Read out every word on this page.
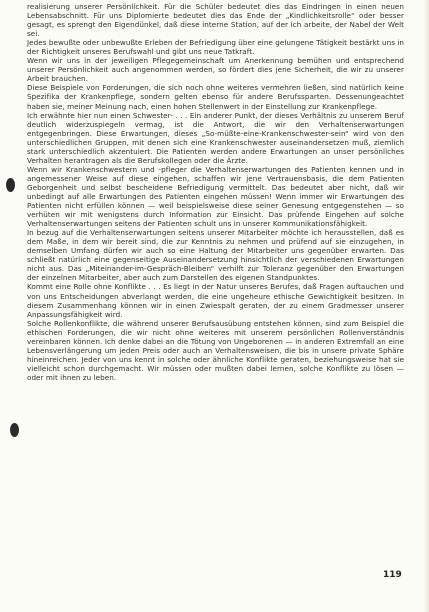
realisierung unserer Persönlichkeit. Für die Schüler bedeutet dies das Eindringen in einen neuen Lebensabschnitt. Für uns Diplomierte bedeutet dies das Ende der „Kindlichkeitsrolle“ oder besser gesagt, es sprengt den Eigendünkel, daß diese interne Station, auf der ich arbeite, der Nabel der Welt sei.

Jedes bewußte oder unbewußte Erleben der Befriedigung über eine gelungene Tätigkeit bestärkt uns in der Richtigkeit unseres Berufswahl und gibt uns neue Tatkraft.

Wenn wir uns in der jeweiligen Pflegegemeinschaft um Anerkennung bemühen und entsprechend unserer Persönlichkeit auch angenommen werden, so fördert dies jene Sicherheit, die wir zu unserer Arbeit brauchen.

Diese Beispiele von Forderungen, die sich noch ohne weiteres vermehren ließen, sind natürlich keine Spezifika der Krankenpflege, sondern gelten ebenso für andere Berufssparten. Dessenungeachtet haben sie, meiner Meinung nach, einen hohen Stellenwert in der Einstellung zur Krankenpflege.

Ich erwähnte hier nun einen Schwester- . . . Ein anderer Punkt, der dieses Verhältnis zu unserem Beruf deutlich widerzuspiegeln vermag, ist die Antwort, die wir den Verhaltenserwartungen entgegenbringen. Diese Erwartungen, dieses „So-müßte-eine-Krankenschwester-sein“ wird von den unterschiedlichen Gruppen, mit denen sich eine Krankenschwester auseinandersetzen muß, ziemlich stark unterschiedlich akzentuiert. Die Patienten werden andere Erwartungen an unser persönliches Verhalten herantragen als die Berufskollegen oder die Ärzte.

Wenn wir Krankenschwestern und -pfleger die Verhaltenserwartungen des Patienten kennen und in angemessener Weise auf diese eingehen, schaffen wir jene Vertrauensbasis, die dem Patienten Geborgenheit und selbst bescheidene Befriedigung vermittelt. Das bedeutet aber nicht, daß wir unbedingt auf alle Erwartungen des Patienten eingehen müssen! Wenn immer wir Erwartungen des Patienten nicht erfüllen können — weil beispielsweise diese seiner Genesung entgegenstehen — so verhüten wir mit wenigstens durch Information zur Einsicht. Das prüfende Eingehen auf solche Verhaltenserwartungen seitens der Patienten schult uns in unserer Kommunikationsfähigkeit.

In bezug auf die Verhaltenserwartungen seitens unserer Mitarbeiter möchte ich herausstellen, daß es dem Maße, in dem wir bereit sind, die zur Kenntnis zu nehmen und prüfend auf sie einzugehen, in demselben Umfang dürfen wir auch so eine Haltung der Mitarbeiter uns gegenüber erwarten. Das schließt natürlich eine gegenseitige Auseinandersetzung hinsichtlich der verschiedenen Erwartungen nicht aus. Das „Miteinander-im-Gespräch-Bleiben“ verhilft zur Toleranz gegenüber den Erwartungen der einzelnen Mitarbeiter, aber auch zum Darstellen des eigenen Standpunktes.

Kommt eine Rolle ohne Konflikte . . . Es liegt in der Natur unseres Berufes, daß Fragen auftauchen und von uns Entscheidungen abverlangt werden, die eine ungeheure ethische Gewichtigkeit besitzen. In diesem Zusammenhang können wir in einen Zwiespalt geraten, der zu einem Gradmesser unserer Anpassungsfähigkeit wird.

Solche Rollenkonflikte, die während unserer Berufsausübung entstehen können, sind zum Beispiel die ethischen Forderungen, die wir nicht ohne weiteres mit unserem persönlichen Rollenverständnis vereinbaren können. Ich denke dabei an die Tötung von Ungeborenen — in anderen Extremfall an eine Lebensverlängerung um jeden Preis oder auch an Verhaltensweisen, die bis in unsere private Sphäre hineinreichen. Jeder von uns kennt in solche oder ähnliche Konflikte geraten, beziehungsweise hat sie vielleicht schon durchgemacht. Wir müssen oder mußten dabei lernen, solche Konflikte zu lösen — oder mit ihnen zu leben.

119
